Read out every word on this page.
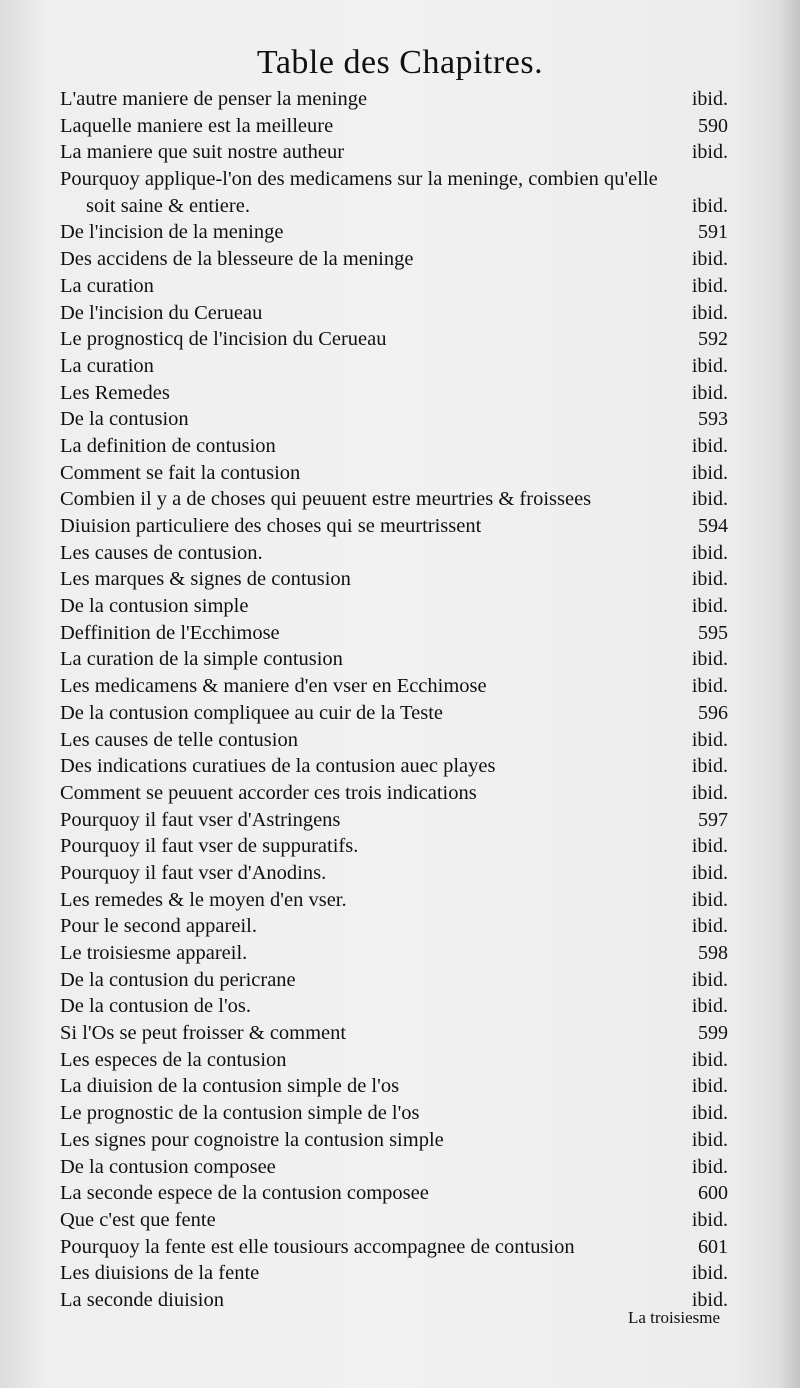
Table des Chapitres.
L'autre maniere de penser la meninge	ibid.
Laquelle maniere est la meilleure	590
La maniere que suit nostre autheur	ibid.
Pourquoy applique-l'on des medicamens sur la meninge, combien qu'elle
soit saine & entiere.	ibid.
De l'incision de la meninge	591
Des accidens de la blesseure de la meninge	ibid.
La curation	ibid.
De l'incision du Cerueau	ibid.
Le prognosticq de l'incision du Cerueau	592
La curation	ibid.
Les Remedes	ibid.
De la contusion	593
La definition de contusion	ibid.
Comment se fait la contusion	ibid.
Combien il y a de choses qui peuuent estre meurtries & froissees	ibid.
Diuision particuliere des choses qui se meurtrissent	594
Les causes de contusion.	ibid.
Les marques & signes de contusion	ibid.
De la contusion simple	ibid.
Deffinition de l'Ecchimose	595
La curation de la simple contusion	ibid.
Les medicamens & maniere d'en vser en Ecchimose	ibid.
De la contusion compliquee au cuir de la Teste	596
Les causes de telle contusion	ibid.
Des indications curatiues de la contusion auec playes	ibid.
Comment se peuuent accorder ces trois indications	ibid.
Pourquoy il faut vser d'Astringens	597
Pourquoy il faut vser de suppuratifs.	ibid.
Pourquoy il faut vser d'Anodins.	ibid.
Les remedes & le moyen d'en vser.	ibid.
Pour le second appareil.	ibid.
Le troisiesme appareil.	598
De la contusion du pericrane	ibid.
De la contusion de l'os.	ibid.
Si l'Os se peut froisser & comment	599
Les especes de la contusion	ibid.
La diuision de la contusion simple de l'os	ibid.
Le prognostic de la contusion simple de l'os	ibid.
Les signes pour cognoistre la contusion simple	ibid.
De la contusion composee	ibid.
La seconde espece de la contusion composee	600
Que c'est que fente	ibid.
Pourquoy la fente est elle tousiours accompagnee de contusion	601
Les diuisions de la fente	ibid.
La seconde diuision	ibid.
La troisiesme
